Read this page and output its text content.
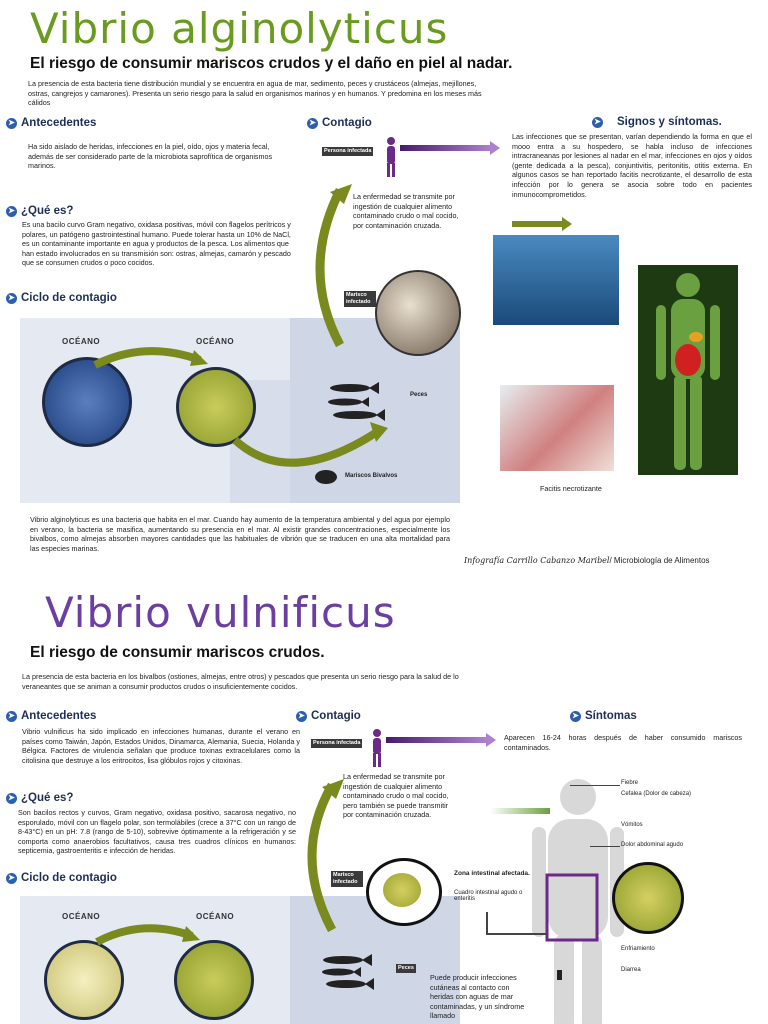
Vibrio alginolyticus
El riesgo de consumir mariscos crudos y el daño en piel al nadar.
La presencia de esta bacteria tiene distribución mundial y se encuentra en agua de mar, sedimento, peces y crustáceos (almejas, mejillones, ostras, cangrejos y camarones). Presenta un serio riesgo para la salud en organismos marinos y en humanos. Y predomina en los meses más cálidos
➤ Antecedentes
Ha sido aislado de heridas, infecciones en la piel, oído, ojos y materia fecal, además de ser considerado parte de la microbiota saprofítica de organismos marinos.
➤ ¿Qué es?
Es una bacilo curvo Gram negativo, oxidasa positivas, móvil con flagelos perítricos y polares, un patógeno gastrointestinal humano. Puede tolerar hasta un 10% de NaCl, es un contaminante importante en agua y productos de la pesca. Los alimentos que han estado involucrados en su transmisión son: ostras, almejas, camarón y pescado que se consumen crudos o poco cocidos.
➤ Ciclo de contagio
OCÉANO	OCÉANO
Peces
Mariscos Bivalvos
➤ Contagio
Persona infectada
La enfermedad se transmite por ingestión de cualquier alimento contaminado crudo o mal cocido, por contaminación cruzada.
Marisco infectado
➤ Signos y síntomas.
Las infecciones que se presentan, varían dependiendo la forma en que el mooo entra a su hospedero, se habla incluso de infecciones intracraneanas por lesiones al nadar en el mar, infecciones en ojos y oídos (gente dedicada a la pesca), conjuntivitis, peritonitis, otitis externa. En algunos casos se han reportado facitis necrotizante, el desarrollo de esta infección por lo genera se asocia sobre todo en pacientes inmunocomprometidos.
Facitis necrotizante
Vibrio alginolyticus es una bacteria que habita en el mar. Cuando hay aumento de la temperatura ambiental y del agua por ejemplo en verano, la bacteria se masifica, aumentando su presencia en el mar. Al existir grandes concentraciones, especialmente los bivalbos, como almejas absorben mayores cantidades que las habituales de vibrión que se traducen en una alta mortalidad para las especies marinas.
Infografía Carrillo Cabanzo Maribel/ Microbiología de Alimentos
Vibrio vulnificus
El riesgo de consumir mariscos crudos.
La presencia de esta bacteria en los bivalbos (ostiones, almejas, entre otros) y pescados que presenta un serio riesgo para la salud de lo veraneantes que se animan a consumir productos crudos o insuficientemente cocidos.
➤ Antecedentes
Vibrio vulnificus ha sido implicado en infecciones humanas, durante el verano en países como Taiwán, Japón, Estados Unidos, Dinamarca, Alemania, Suecia, Holanda y Bélgica. Factores de virulencia señalan que produce toxinas extracelulares como la citolisina que destruye a los eritrocitos, lisa glóbulos rojos y citoxinas.
➤ ¿Qué es?
Son bacilos rectos y curvos, Gram negativo, oxidasa positivo, sacarosa negativo, no esporulado, móvil con un flagelo polar, son termolábiles (crece a 37°C con un rango de 8-43°C) en un pH: 7.8 (rango de 5-10), sobrevive óptimamente a la refrigeración y se comporta como anaerobios facultativos, causa tres cuadros clínicos en humanos: septicemia, gastroenteritis e infección de heridas.
➤ Ciclo de contagio
OCÉANO	OCÉANO
Peces
➤ Contagio
Persona infectada
La enfermedad se transmite por ingestión de cualquier alimento contaminado crudo o mal cocido, pero también se puede transmitir por contaminación cruzada.
Marisco infectado
➤ Síntomas
Aparecen 16-24 horas después de haber consumido mariscos contaminados.
Fiebre
Cefalea (Dolor de cabeza)
Vómitos
Dolor abdominal agudo
Zona intestinal afectada.
Cuadro intestinal agudo o enteritis
Enfriamiento
Diarrea
Puede producir infecciones cutáneas al contacto con heridas con aguas de mar contaminadas, y un síndrome llamado
